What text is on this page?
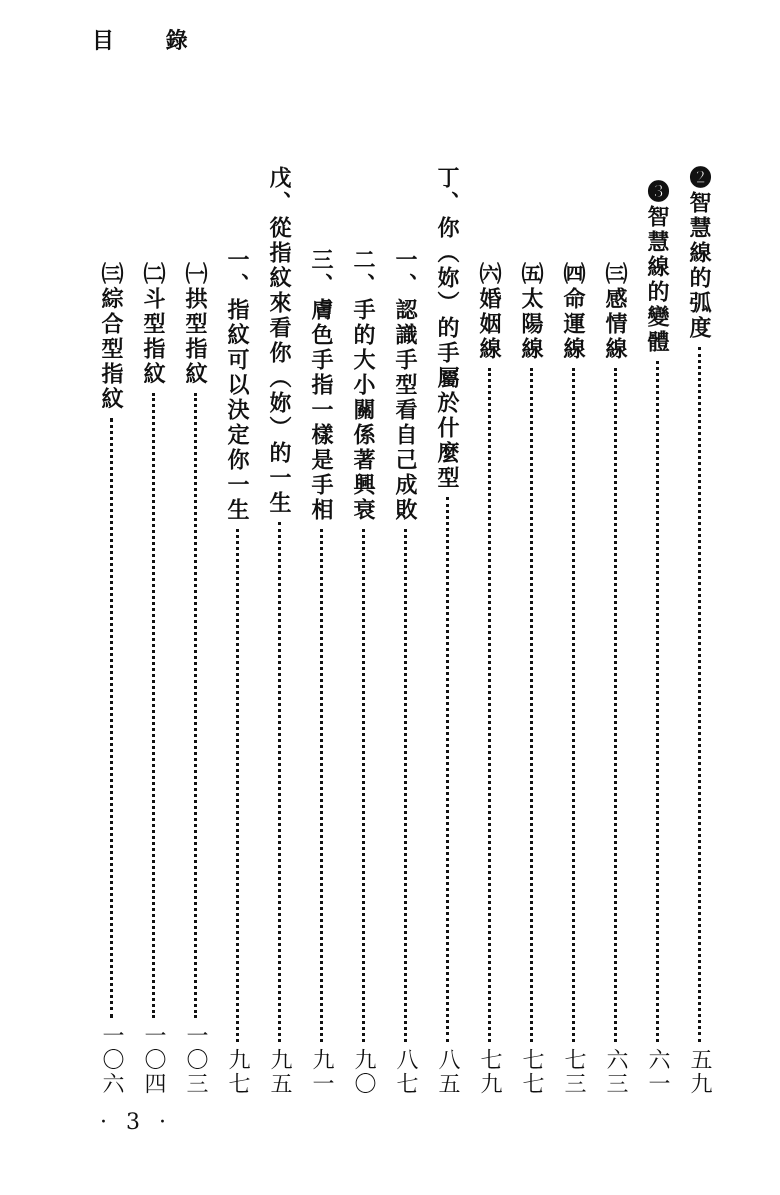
目 錄
❷智慧線的弧度
五九
❸智慧線的變體
六一
㈢感情線
六三
㈣命運線
七三
㈤太陽線
七七
㈥婚姻線
七九
丁、你（妳）的手屬於什麼型
八五
一、認識手型看自己成敗
八七
二、手的大小關係著興衰
九〇
三、膚色手指一樣是手相
九一
戊、從指紋來看你（妳）的一生
九五
一、指紋可以決定你一生
九七
㈠拱型指紋
一〇三
㈡斗型指紋
一〇四
㈢綜合型指紋
一〇六
· 3 ·
